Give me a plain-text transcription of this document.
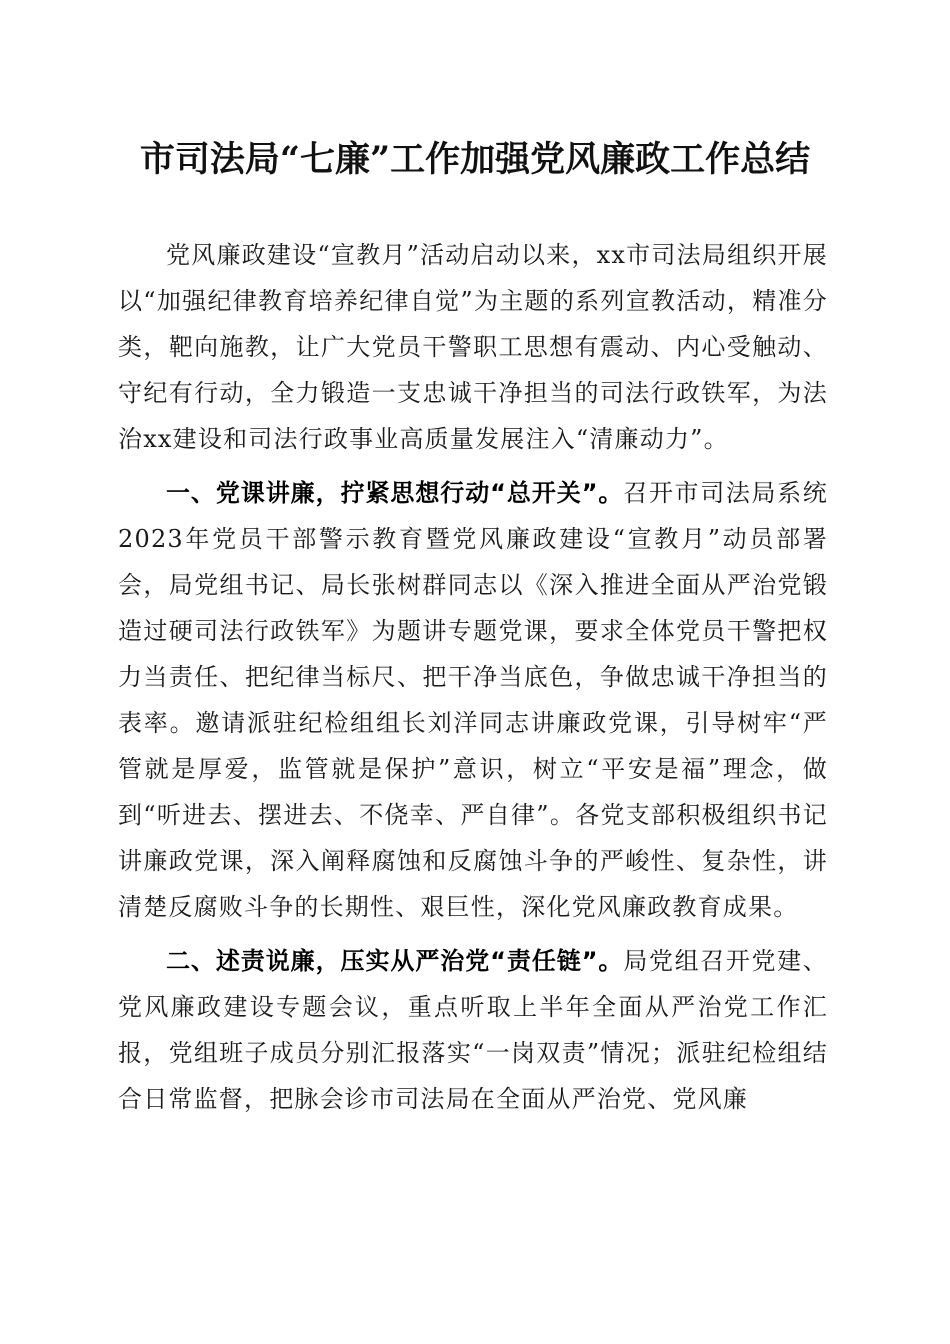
市司法局“七廉”工作加强党风廉政工作总结

党风廉政建设“宣教月”活动启动以来，xx市司法局组织开展以“加强纪律教育培养纪律自觉”为主题的系列宣教活动，精准分类，靶向施教，让广大党员干警职工思想有震动、内心受触动、守纪有行动，全力锻造一支忠诚干净担当的司法行政铁军，为法治xx建设和司法行政事业高质量发展注入“清廉动力”。

一、党课讲廉，拧紧思想行动“总开关”。召开市司法局系统2023年党员干部警示教育暨党风廉政建设“宣教月”动员部署会，局党组书记、局长张树群同志以《深入推进全面从严治党锻造过硬司法行政铁军》为题讲专题党课，要求全体党员干警把权力当责任、把纪律当标尺、把干净当底色，争做忠诚干净担当的表率。邀请派驻纪检组组长刘洋同志讲廉政党课，引导树牢“严管就是厚爱，监管就是保护”意识，树立“平安是福”理念，做到“听进去、摆进去、不侥幸、严自律”。各党支部积极组织书记讲廉政党课，深入阐释腐蚀和反腐蚀斗争的严峻性、复杂性，讲清楚反腐败斗争的长期性、艰巨性，深化党风廉政教育成果。

二、述责说廉，压实从严治党“责任链”。局党组召开党建、党风廉政建设专题会议，重点听取上半年全面从严治党工作汇报，党组班子成员分别汇报落实“一岗双责”情况；派驻纪检组结合日常监督，把脉会诊市司法局在全面从严治党、党风廉
